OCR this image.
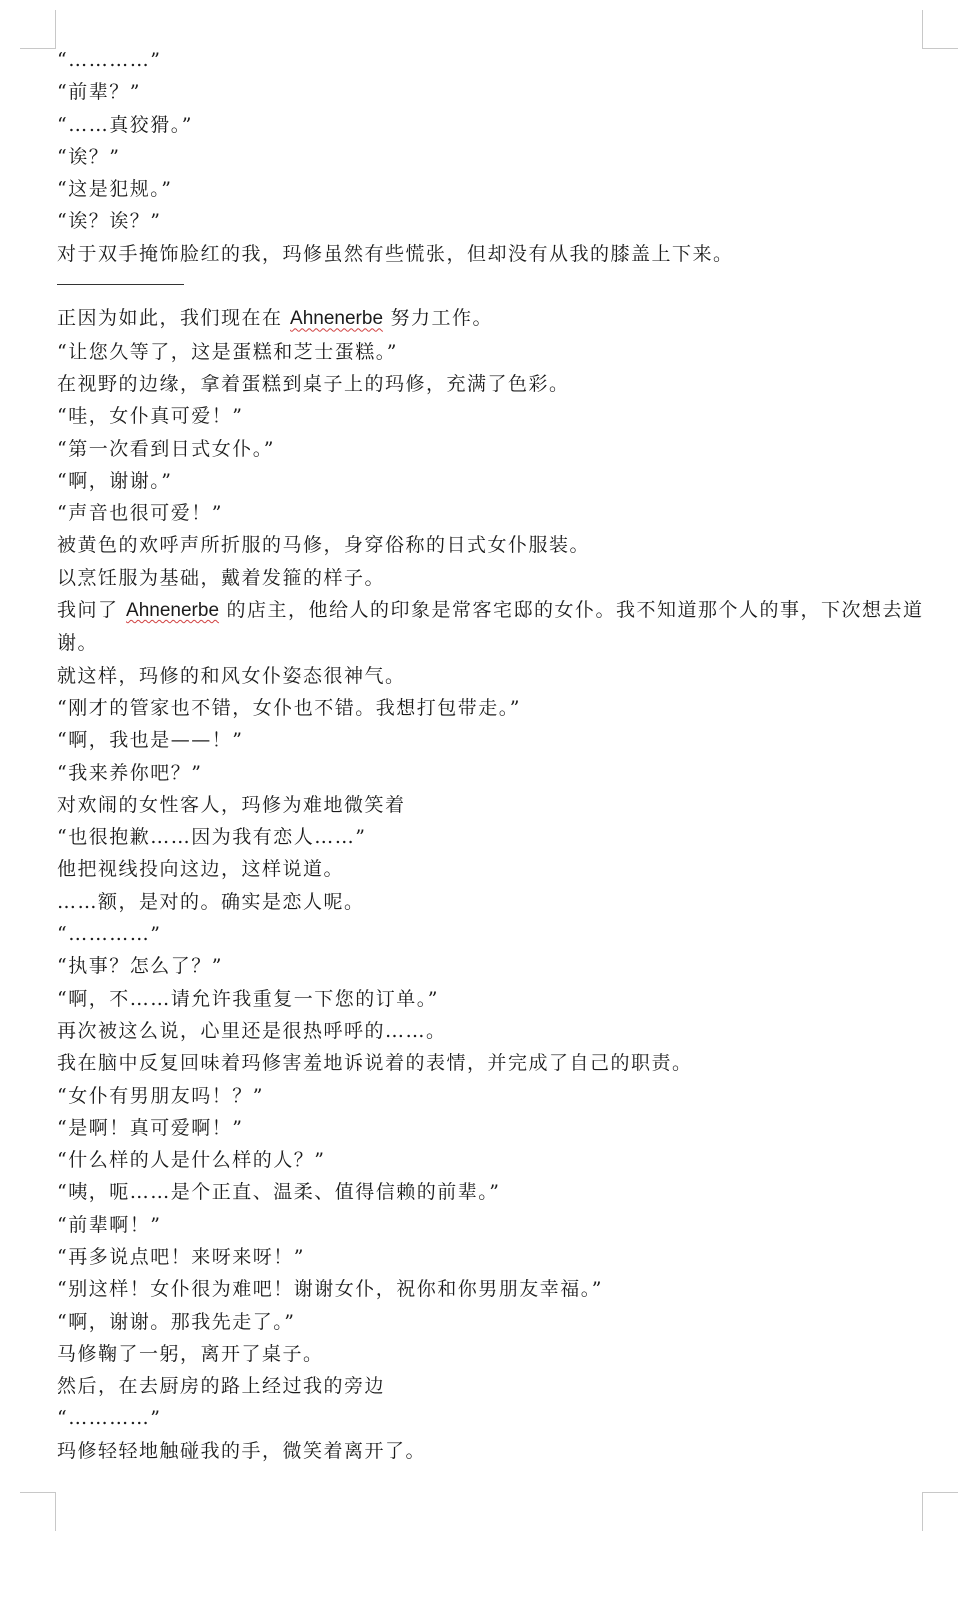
“…………”

“前辈？”

“……真狡猾。”

“诶？”

“这是犯规。”

“诶？诶？”

对于双手掩饰脸红的我，玛修虽然有些慌张，但却没有从我的膝盖上下来。

正因为如此，我们现在在 Ahnenerbe 努力工作。

“让您久等了，这是蛋糕和芝士蛋糕。”

在视野的边缘，拿着蛋糕到桌子上的玛修，充满了色彩。

“哇，女仆真可爱！”

“第一次看到日式女仆。”

“啊，谢谢。”

“声音也很可爱！”

被黄色的欢呼声所折服的马修，身穿俗称的日式女仆服装。

以烹饪服为基础，戴着发箍的样子。

我问了 Ahnenerbe 的店主，他给人的印象是常客宅邸的女仆。我不知道那个人的事，下次想去道谢。

就这样，玛修的和风女仆姿态很神气。

“刚才的管家也不错，女仆也不错。我想打包带走。”

“啊，我也是——！”

“我来养你吧？”

对欢闹的女性客人，玛修为难地微笑着

“也很抱歉……因为我有恋人……”

他把视线投向这边，这样说道。

……额，是对的。确实是恋人呢。

“…………”

“执事？怎么了？”

“啊，不……请允许我重复一下您的订单。”

再次被这么说，心里还是很热呼呼的……。

我在脑中反复回味着玛修害羞地诉说着的表情，并完成了自己的职责。

“女仆有男朋友吗！？”

“是啊！真可爱啊！”

“什么样的人是什么样的人？”

“咦，呃……是个正直、温柔、值得信赖的前辈。”

“前辈啊！”

“再多说点吧！来呀来呀！”

“别这样！女仆很为难吧！谢谢女仆，祝你和你男朋友幸福。”

“啊，谢谢。那我先走了。”

马修鞠了一躬，离开了桌子。

然后，在去厨房的路上经过我的旁边

“…………”

玛修轻轻地触碰我的手，微笑着离开了。
